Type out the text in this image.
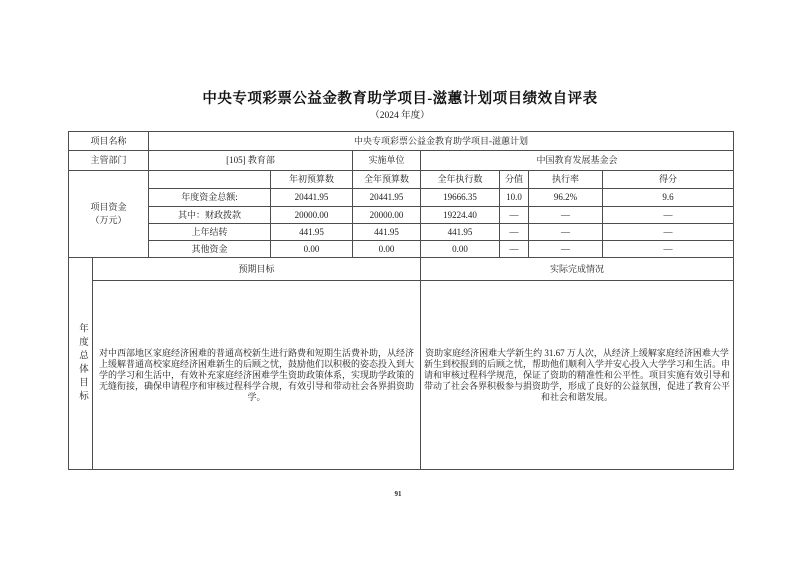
中央专项彩票公益金教育助学项目-滋蕙计划项目绩效自评表
（2024 年度）
项目名称		中央专项彩票公益金教育助学项目-滋蕙计划						
主管部门		[105] 教育部		实施单位	中国教育发展基金会			

项目资金
（万元）			年初预算数	全年预算数	全年执行数	分值	执行率	得分
		年度资金总额:	20441.95	20441.95	19666.35	10.0	96.2%	9.6
		其中：财政拨款	20000.00	20000.00	19224.40	—	—	—
		上年结转	441.95	441.95	441.95	—	—	—
		其他资金	0.00	0.00	0.00	—	—	—

年度总体目标	预期目标				实际完成情况			
	对中西部地区家庭经济困难的普通高校新生进行路费和短期生活费补助，从经济上缓解普通高校家庭经济困难新生的后顾之忧，鼓励他们以积极的姿态投入到大学的学习和生活中，有效补充家庭经济困难学生资助政策体系，实现助学政策的无缝衔接，确保申请程序和审核过程科学合规，有效引导和带动社会各界捐资助学。				资助家庭经济困难大学新生约 31.67 万人次，从经济上缓解家庭经济困难大学新生到校报到的后顾之忧，帮助他们顺利入学并安心投入大学学习和生活。申请和审核过程科学规范，保证了资助的精准性和公平性。项目实施有效引导和带动了社会各界积极参与捐资助学，形成了良好的公益氛围，促进了教育公平和社会和谐发展。			
91
